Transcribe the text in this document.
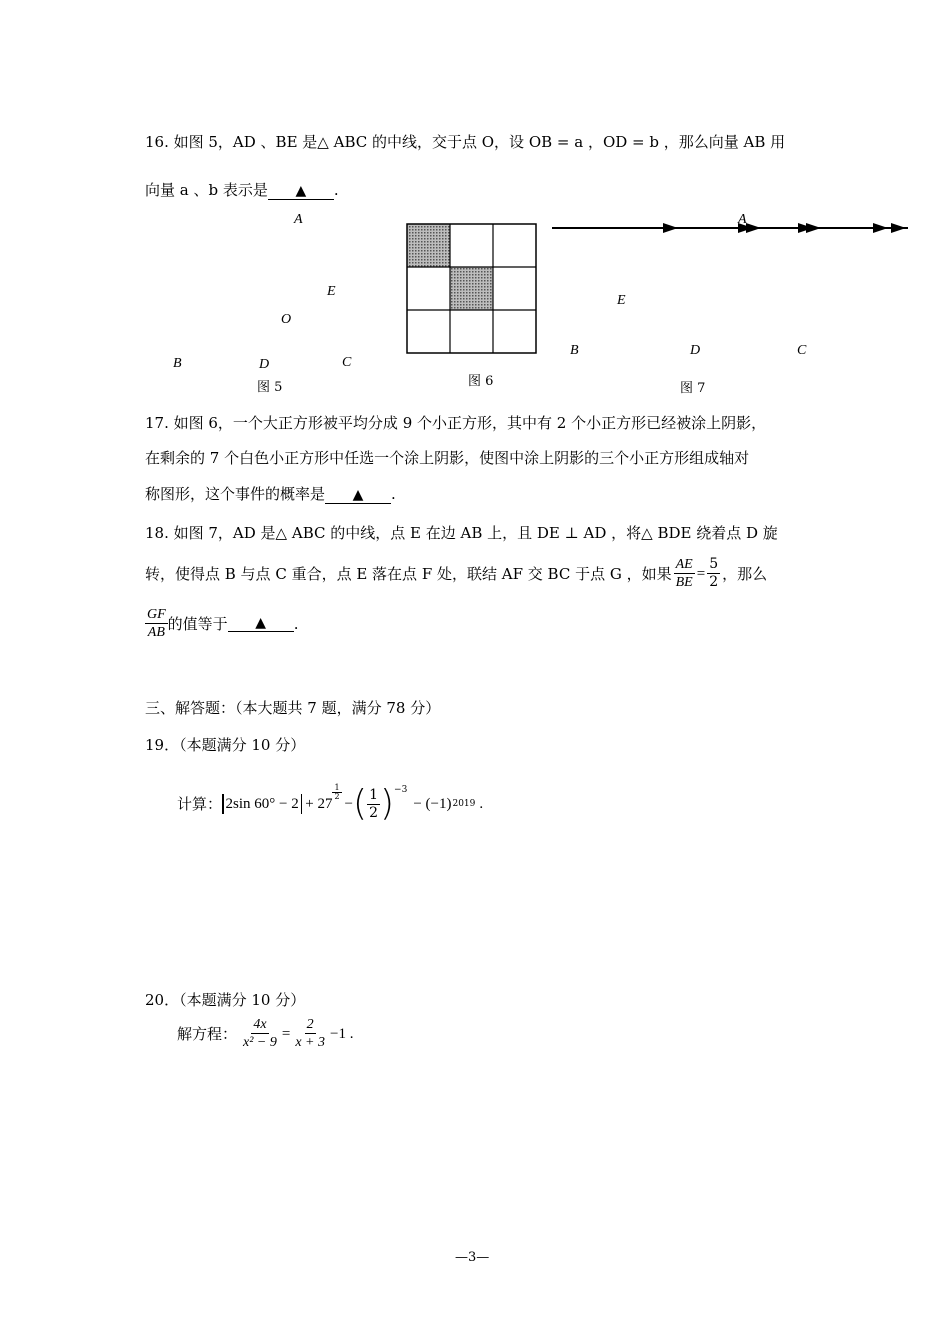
16. 如图 5，AD 、BE 是△ ABC 的中线，交于点 O，设 OB = a ，OD = b ，那么向量 AB 用
向量 a 、b 表示是 ▲ .
A
E
O
B	D	C
图 5	图 6
A
E
B	D	C
图 7
17. 如图 6，一个大正方形被平均分成 9 个小正方形，其中有 2 个小正方形已经被涂上阴影，
在剩余的 7 个白色小正方形中任选一个涂上阴影，使图中涂上阴影的三个小正方形组成轴对
称图形，这个事件的概率是 ▲ .
18. 如图 7，AD 是△ ABC 的中线，点 E 在边 AB 上，且 DE ⊥ AD ，将△ BDE 绕着点 D 旋
转，使得点 B 与点 C 重合，点 E 落在点 F 处，联结 AF 交 BC 于点 G ，如果 $\frac{AE}{BE} = \frac{5}{2}$ ，那么
$\frac{GF}{AB}$ 的值等于	▲	.
三、解答题：（本大题共 7 题，满分 78 分）
19．（本题满分 10 分）
计算： 2sin 60° − 2 + 27
$\frac{1}{2}$
− ( $\frac{1}{2}$ ) −3
− (−1) 2019 .
20．（本题满分 10 分）
解方程： $\frac{4x}{\text{x² − 9}} = \frac{2}{x + 3} -1$ .
—3—
